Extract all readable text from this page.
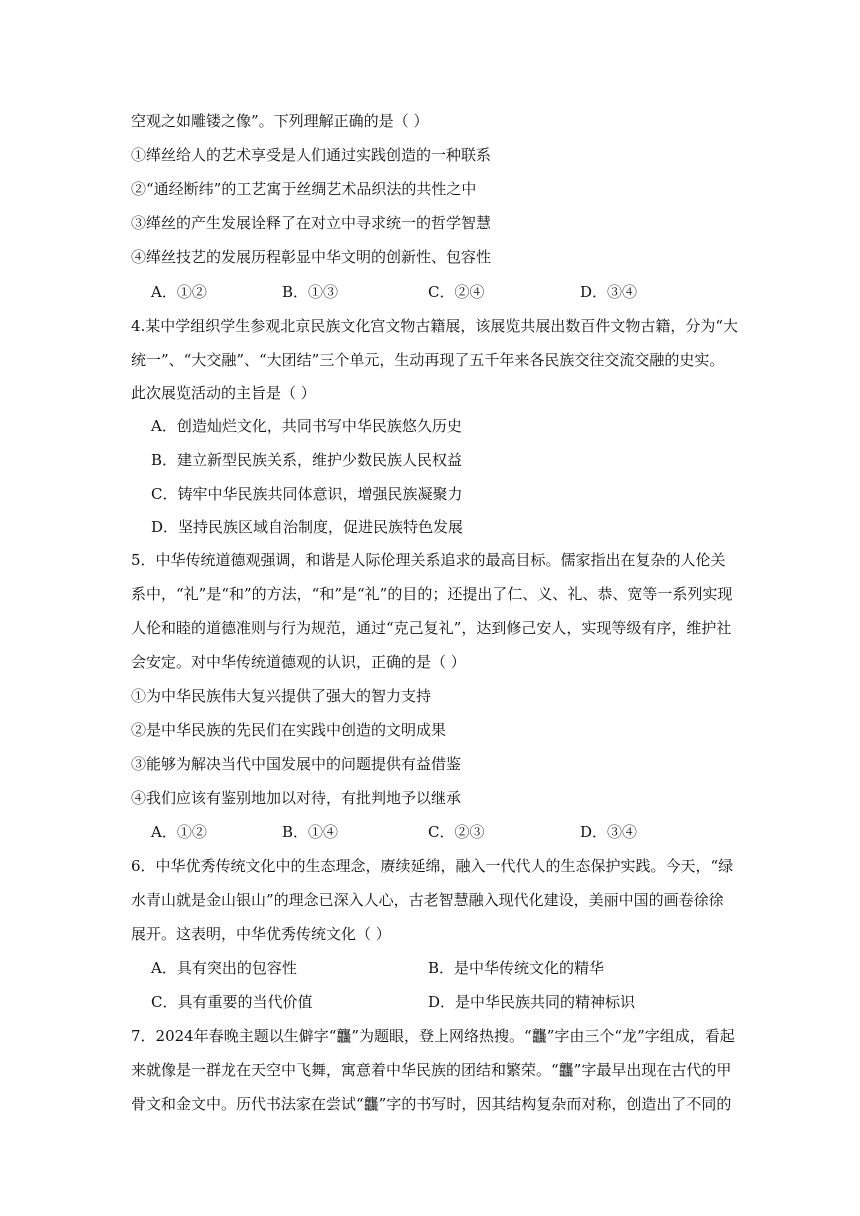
空观之如雕镂之像”。下列理解正确的是（ ）
①缂丝给人的艺术享受是人们通过实践创造的一种联系
②“通经断纬”的工艺寓于丝绸艺术品织法的共性之中
③缂丝的产生发展诠释了在对立中寻求统一的哲学智慧
④缂丝技艺的发展历程彰显中华文明的创新性、包容性
A．①②	B．①③	C．②④	D．③④
4.某中学组织学生参观北京民族文化宫文物古籍展，该展览共展出数百件文物古籍，分为“大
统一”、“大交融”、“大团结”三个单元，生动再现了五千年来各民族交往交流交融的史实。
此次展览活动的主旨是（ ）
A．创造灿烂文化，共同书写中华民族悠久历史
B．建立新型民族关系，维护少数民族人民权益
C．铸牢中华民族共同体意识，增强民族凝聚力
D．坚持民族区域自治制度，促进民族特色发展
5．中华传统道德观强调，和谐是人际伦理关系追求的最高目标。儒家指出在复杂的人伦关
系中，“礼”是“和”的方法，“和”是“礼”的目的；还提出了仁、义、礼、恭、宽等一系列实现
人伦和睦的道德准则与行为规范，通过“克己复礼”，达到修己安人，实现等级有序，维护社
会安定。对中华传统道德观的认识，正确的是（ ）
①为中华民族伟大复兴提供了强大的智力支持
②是中华民族的先民们在实践中创造的文明成果
③能够为解决当代中国发展中的问题提供有益借鉴
④我们应该有鉴别地加以对待，有批判地予以继承
A．①②	B．①④	C．②③	D．③④
6．中华优秀传统文化中的生态理念，赓续延绵，融入一代代人的生态保护实践。今天，“绿
水青山就是金山银山”的理念已深入人心，古老智慧融入现代化建设，美丽中国的画卷徐徐
展开。这表明，中华优秀传统文化（ ）
A．具有突出的包容性	B．是中华传统文化的精华
C．具有重要的当代价值	D．是中华民族共同的精神标识
7．2024年春晚主题以生僻字“龘”为题眼，登上网络热搜。“龘”字由三个“龙”字组成，看起
来就像是一群龙在天空中飞舞，寓意着中华民族的团结和繁荣。“龘”字最早出现在古代的甲
骨文和金文中。历代书法家在尝试“龘”字的书写时，因其结构复杂而对称，创造出了不同的
